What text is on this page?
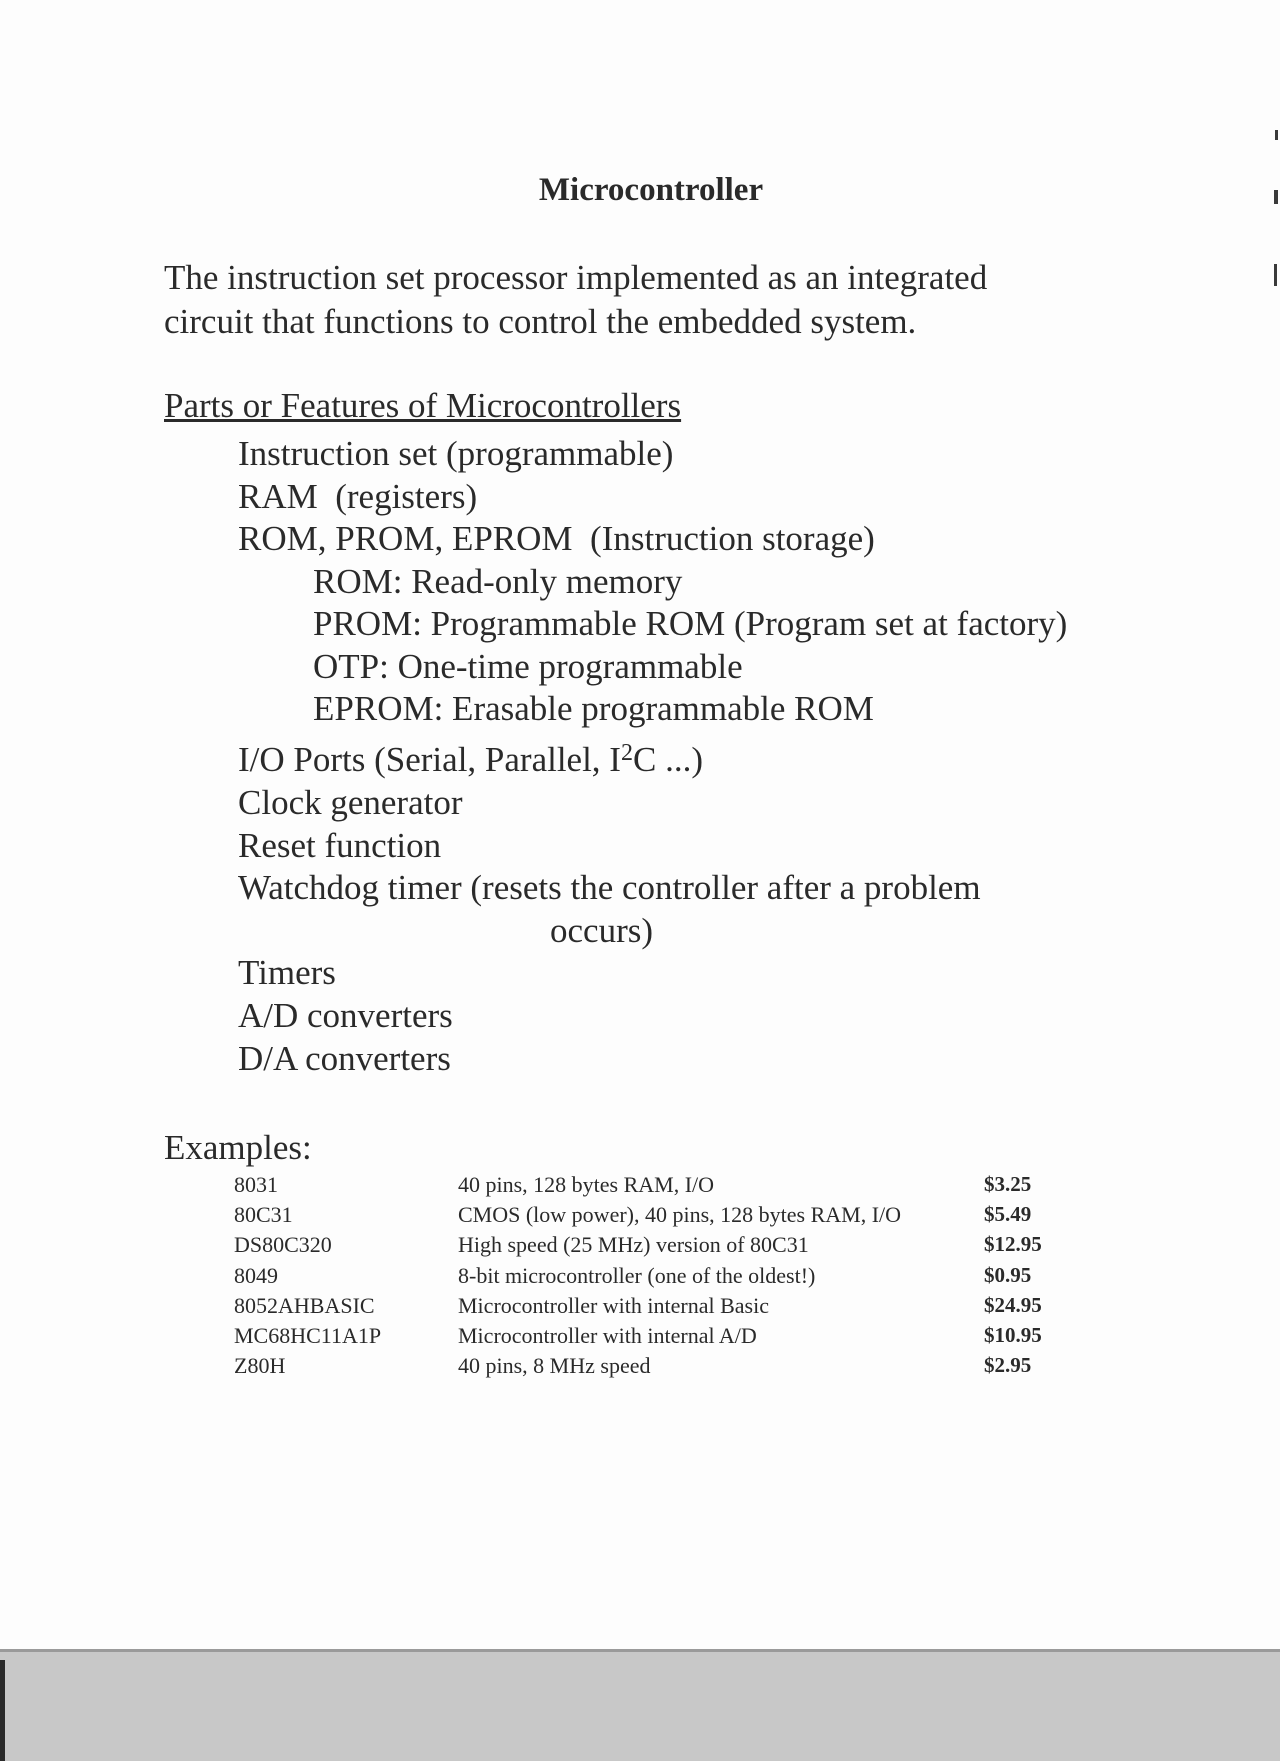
Microcontroller
The instruction set processor implemented as an integrated
circuit that functions to control the embedded system.
Parts or Features of Microcontrollers
Instruction set (programmable)
RAM  (registers)
ROM, PROM, EPROM  (Instruction storage)
ROM: Read-only memory
PROM: Programmable ROM (Program set at factory)
OTP: One-time programmable
EPROM: Erasable programmable ROM
I/O Ports (Serial, Parallel, $I^2C$ ...)
Clock generator
Reset function
Watchdog timer (resets the controller after a problem
occurs)
Timers
A/D converters
D/A converters
Examples:
8031	40 pins, 128 bytes RAM, I/O	$3.25
80C31	CMOS (low power), 40 pins, 128 bytes RAM, I/O	$5.49
DS80C320	High speed (25 MHz) version of 80C31	$12.95
8049	8-bit microcontroller (one of the oldest!)	$0.95
8052AHBASIC	Microcontroller with internal Basic	$24.95
MC68HC11A1P	Microcontroller with internal A/D	$10.95
Z80H	40 pins, 8 MHz speed	$2.95
